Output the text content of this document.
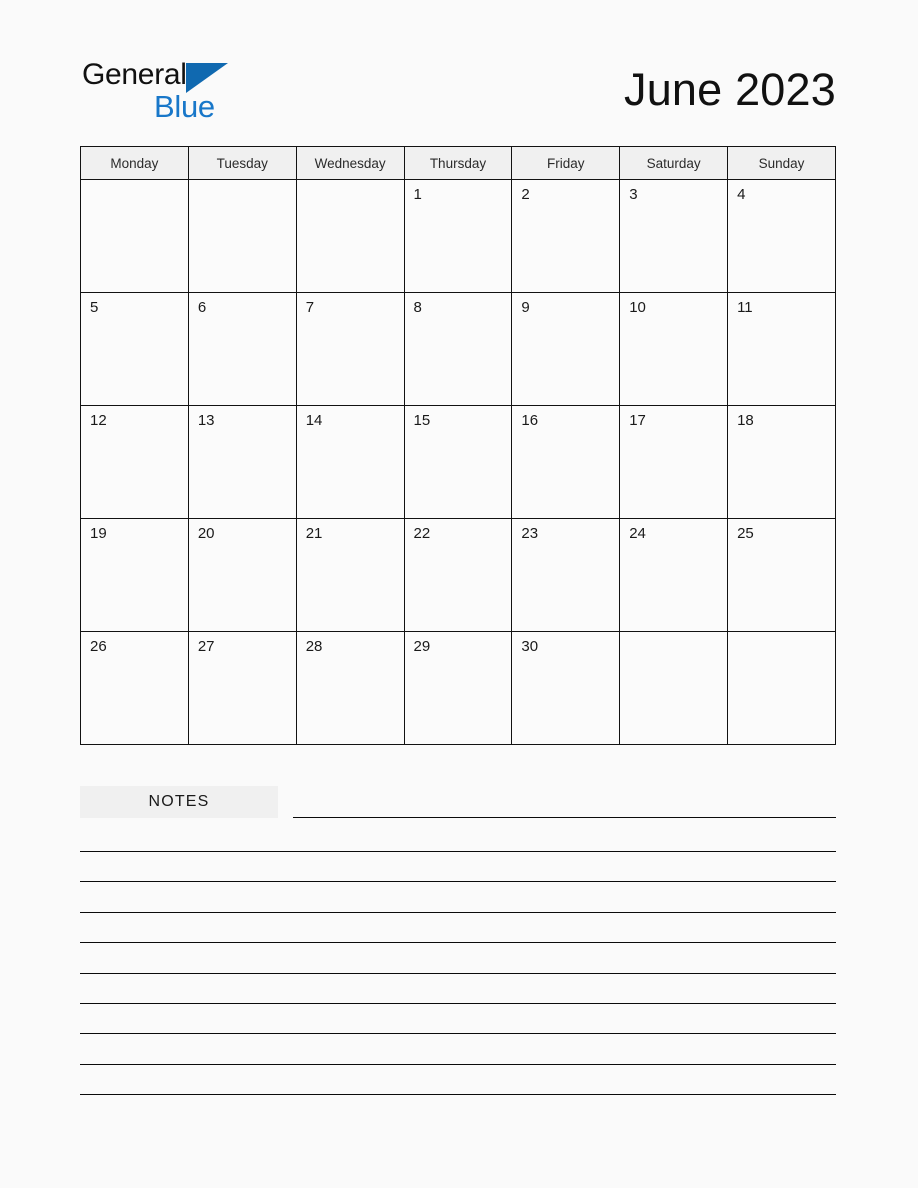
General
Blue	June 2023
Monday	Tuesday	Wednesday	Thursday	Friday	Saturday	Sunday

			1	2	3	4

5	6	7	8	9	10	11

12	13	14	15	16	17	18

19	20	21	22	23	24	25

26	27	28	29	30		

NOTES
